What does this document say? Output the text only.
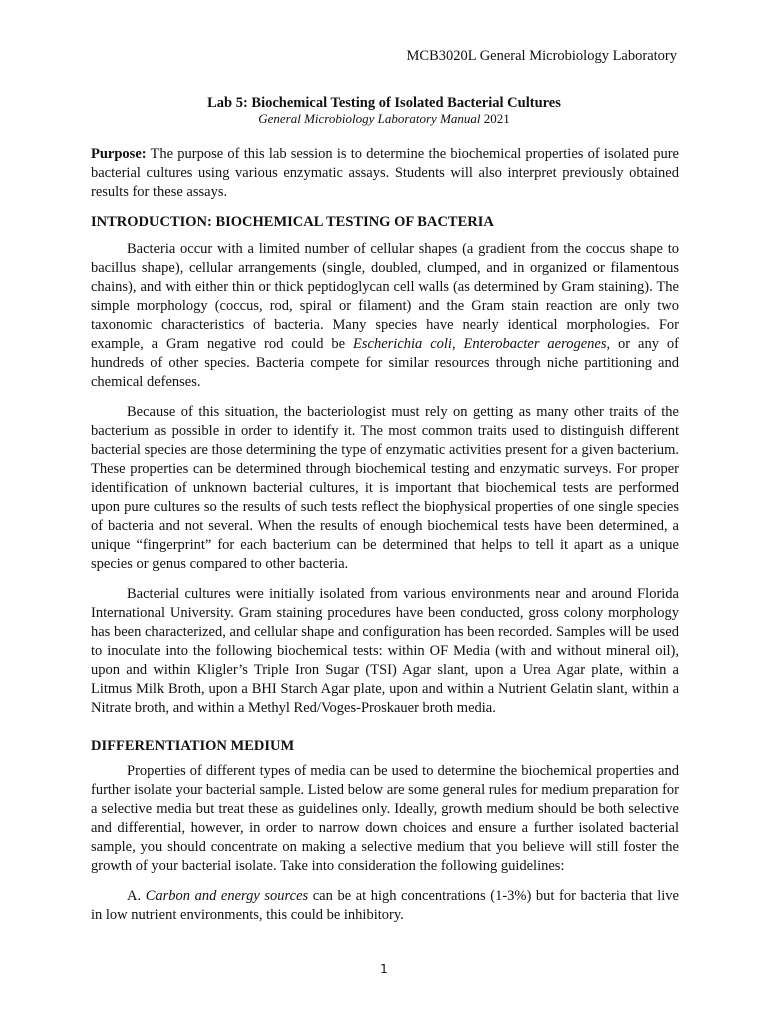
MCB3020L General Microbiology Laboratory
Lab 5: Biochemical Testing of Isolated Bacterial Cultures
General Microbiology Laboratory Manual 2021

Purpose: The purpose of this lab session is to determine the biochemical properties of isolated pure bacterial cultures using various enzymatic assays. Students will also interpret previously obtained results for these assays.

INTRODUCTION: BIOCHEMICAL TESTING OF BACTERIA

Bacteria occur with a limited number of cellular shapes (a gradient from the coccus shape to bacillus shape), cellular arrangements (single, doubled, clumped, and in organized or filamentous chains), and with either thin or thick peptidoglycan cell walls (as determined by Gram staining). The simple morphology (coccus, rod, spiral or filament) and the Gram stain reaction are only two taxonomic characteristics of bacteria. Many species have nearly identical morphologies. For example, a Gram negative rod could be Escherichia coli, Enterobacter aerogenes, or any of hundreds of other species. Bacteria compete for similar resources through niche partitioning and chemical defenses.

Because of this situation, the bacteriologist must rely on getting as many other traits of the bacterium as possible in order to identify it. The most common traits used to distinguish different bacterial species are those determining the type of enzymatic activities present for a given bacterium. These properties can be determined through biochemical testing and enzymatic surveys. For proper identification of unknown bacterial cultures, it is important that biochemical tests are performed upon pure cultures so the results of such tests reflect the biophysical properties of one single species of bacteria and not several. When the results of enough biochemical tests have been determined, a unique “fingerprint” for each bacterium can be determined that helps to tell it apart as a unique species or genus compared to other bacteria.

Bacterial cultures were initially isolated from various environments near and around Florida International University. Gram staining procedures have been conducted, gross colony morphology has been characterized, and cellular shape and configuration has been recorded. Samples will be used to inoculate into the following biochemical tests: within OF Media (with and without mineral oil), upon and within Kligler’s Triple Iron Sugar (TSI) Agar slant, upon a Urea Agar plate, within a Litmus Milk Broth, upon a BHI Starch Agar plate, upon and within a Nutrient Gelatin slant, within a Nitrate broth, and within a Methyl Red/Voges-Proskauer broth media.

DIFFERENTIATION MEDIUM

Properties of different types of media can be used to determine the biochemical properties and further isolate your bacterial sample. Listed below are some general rules for medium preparation for a selective media but treat these as guidelines only. Ideally, growth medium should be both selective and differential, however, in order to narrow down choices and ensure a further isolated bacterial sample, you should concentrate on making a selective medium that you believe will still foster the growth of your bacterial isolate. Take into consideration the following guidelines:

A. Carbon and energy sources can be at high concentrations (1-3%) but for bacteria that live in low nutrient environments, this could be inhibitory.

1
